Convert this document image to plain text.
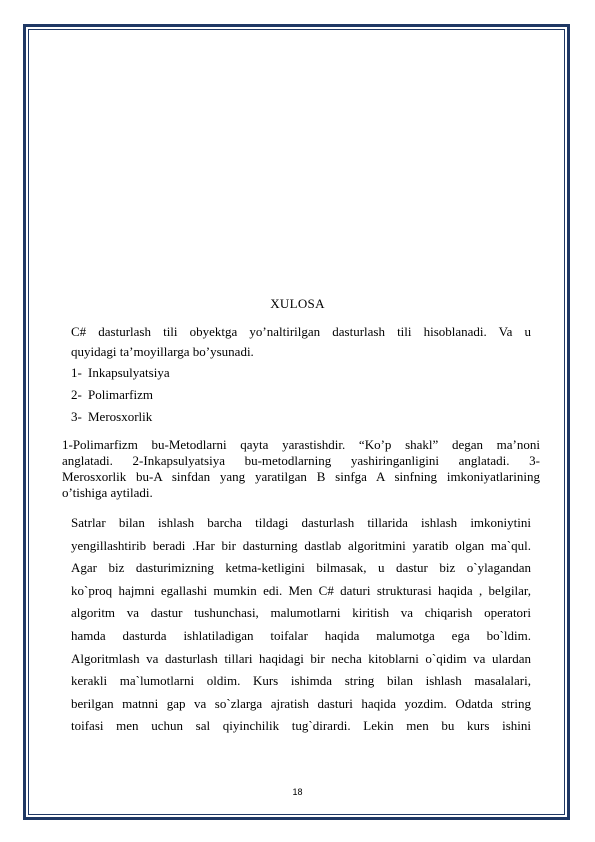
XULOSA
C# dasturlash tili obyektga yo’naltirilgan dasturlash tili hisoblanadi. Va u
quyidagi ta’moyillarga bo’ysunadi.
1- Inkapsulyatsiya
2- Polimarfizm
3- Merosxorlik
1-Polimarfizm bu-Metodlarni qayta yarastishdir. “Ko’p shakl” degan ma’noni
anglatadi. 2-Inkapsulyatsiya bu-metodlarning yashiringanligini anglatadi. 3-
Merosxorlik bu-A sinfdan yang yaratilgan B sinfga A sinfning imkoniyatlarining
o’tishiga aytiladi.
Satrlar bilan ishlash barcha tildagi dasturlash tillarida ishlash imkoniytini
yengillashtirib beradi .Har bir dasturning dastlab algoritmini yaratib olgan ma`qul.
Agar biz dasturimizning ketma-ketligini bilmasak, u dastur biz o`ylagandan
ko`proq hajmni egallashi mumkin edi. Men C# daturi strukturasi haqida , belgilar,
algoritm va dastur tushunchasi, malumotlarni kiritish va chiqarish operatori
hamda dasturda ishlatiladigan toifalar haqida malumotga ega bo`ldim.
Algoritmlash va dasturlash tillari haqidagi bir necha kitoblarni o`qidim va ulardan
kerakli ma`lumotlarni oldim. Kurs ishimda string bilan ishlash masalalari,
berilgan matnni gap va so`zlarga ajratish dasturi haqida yozdim. Odatda string
toifasi men uchun sal qiyinchilik tug`dirardi. Lekin men bu kurs ishini
18
